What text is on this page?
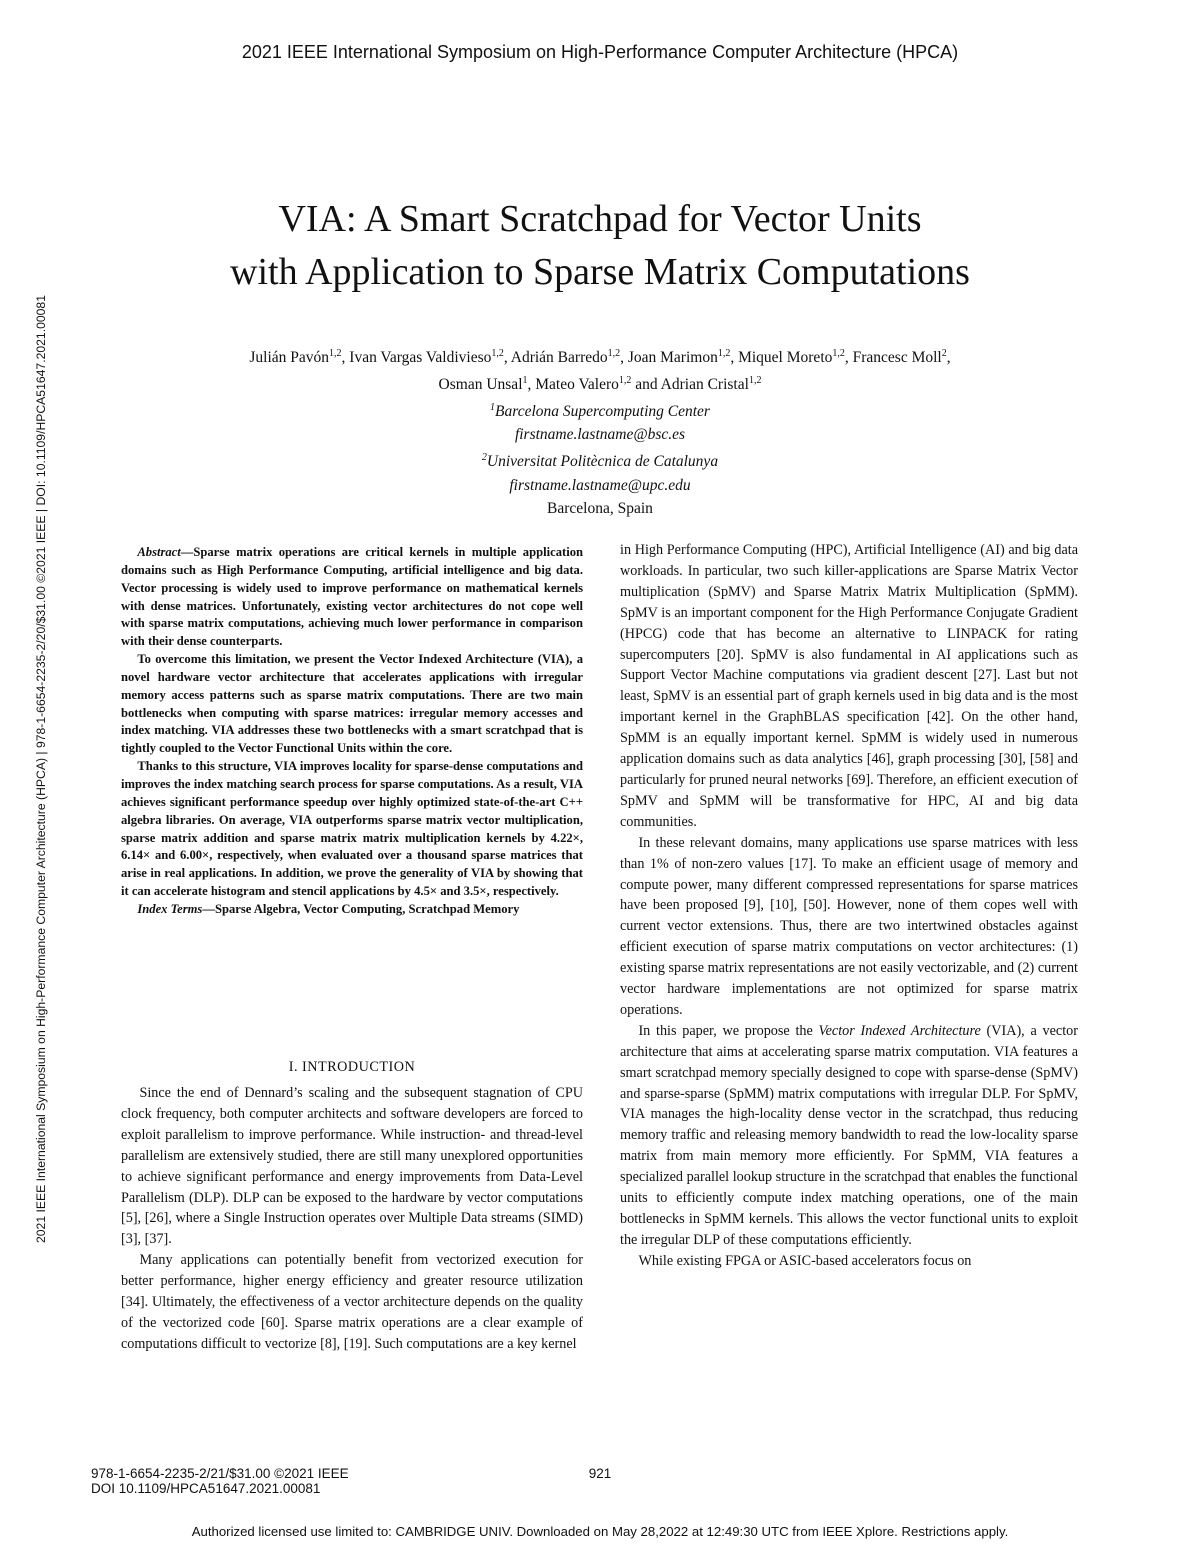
2021 IEEE International Symposium on High-Performance Computer Architecture (HPCA)
2021 IEEE International Symposium on High-Performance Computer Architecture (HPCA) | 978-1-6654-2235-2/20/$31.00 ©2021 IEEE | DOI: 10.1109/HPCA51647.2021.00081
VIA: A Smart Scratchpad for Vector Units
with Application to Sparse Matrix Computations
Julián Pavón$^{1,2}$, Ivan Vargas Valdivieso$^{1,2}$, Adrián Barredo$^{1,2}$, Joan Marimon$^{1,2}$, Miquel Moreto$^{1,2}$, Francesc Moll$^2$,
Osman Unsal$^1$, Mateo Valero$^{1,2}$ and Adrian Cristal$^{1,2}$
$^1$Barcelona Supercomputing Center
firstname.lastname@bsc.es
$^2$Universitat Politècnica de Catalunya
firstname.lastname@upc.edu
Barcelona, Spain

Abstract—Sparse matrix operations are critical kernels in multiple application domains such as High Performance Computing, artificial intelligence and big data. Vector processing is widely used to improve performance on mathematical kernels with dense matrices. Unfortunately, existing vector architectures do not cope well with sparse matrix computations, achieving much lower performance in comparison with their dense counterparts.

To overcome this limitation, we present the Vector Indexed Architecture (VIA), a novel hardware vector architecture that accelerates applications with irregular memory access patterns such as sparse matrix computations. There are two main bottlenecks when computing with sparse matrices: irregular memory accesses and index matching. VIA addresses these two bottlenecks with a smart scratchpad that is tightly coupled to the Vector Functional Units within the core.

Thanks to this structure, VIA improves locality for sparse-dense computations and improves the index matching search process for sparse computations. As a result, VIA achieves significant performance speedup over highly optimized state-of-the-art C++ algebra libraries. On average, VIA outperforms sparse matrix vector multiplication, sparse matrix addition and sparse matrix matrix multiplication kernels by 4.22×, 6.14× and 6.00×, respectively, when evaluated over a thousand sparse matrices that arise in real applications. In addition, we prove the generality of VIA by showing that it can accelerate histogram and stencil applications by 4.5× and 3.5×, respectively.

Index Terms—Sparse Algebra, Vector Computing, Scratchpad Memory

I. INTRODUCTION

Since the end of Dennard’s scaling and the subsequent stagnation of CPU clock frequency, both computer architects and software developers are forced to exploit parallelism to improve performance. While instruction- and thread-level parallelism are extensively studied, there are still many unexplored opportunities to achieve significant performance and energy improvements from Data-Level Parallelism (DLP). DLP can be exposed to the hardware by vector computations [5], [26], where a Single Instruction operates over Multiple Data streams (SIMD) [3], [37].

Many applications can potentially benefit from vectorized execution for better performance, higher energy efficiency and greater resource utilization [34]. Ultimately, the effectiveness of a vector architecture depends on the quality of the vectorized code [60]. Sparse matrix operations are a clear example of computations difficult to vectorize [8], [19]. Such computations are a key kernel

in High Performance Computing (HPC), Artificial Intelligence (AI) and big data workloads. In particular, two such killer-applications are Sparse Matrix Vector multiplication (SpMV) and Sparse Matrix Matrix Multiplication (SpMM). SpMV is an important component for the High Performance Conjugate Gradient (HPCG) code that has become an alternative to LINPACK for rating supercomputers [20]. SpMV is also fundamental in AI applications such as Support Vector Machine computations via gradient descent [27]. Last but not least, SpMV is an essential part of graph kernels used in big data and is the most important kernel in the GraphBLAS specification [42]. On the other hand, SpMM is an equally important kernel. SpMM is widely used in numerous application domains such as data analytics [46], graph processing [30], [58] and particularly for pruned neural networks [69]. Therefore, an efficient execution of SpMV and SpMM will be transformative for HPC, AI and big data communities.

In these relevant domains, many applications use sparse matrices with less than 1% of non-zero values [17]. To make an efficient usage of memory and compute power, many different compressed representations for sparse matrices have been proposed [9], [10], [50]. However, none of them copes well with current vector extensions. Thus, there are two intertwined obstacles against efficient execution of sparse matrix computations on vector architectures: (1) existing sparse matrix representations are not easily vectorizable, and (2) current vector hardware implementations are not optimized for sparse matrix operations.

In this paper, we propose the Vector Indexed Architecture (VIA), a vector architecture that aims at accelerating sparse matrix computation. VIA features a smart scratchpad memory specially designed to cope with sparse-dense (SpMV) and sparse-sparse (SpMM) matrix computations with irregular DLP. For SpMV, VIA manages the high-locality dense vector in the scratchpad, thus reducing memory traffic and releasing memory bandwidth to read the low-locality sparse matrix from main memory more efficiently. For SpMM, VIA features a specialized parallel lookup structure in the scratchpad that enables the functional units to efficiently compute index matching operations, one of the main bottlenecks in SpMM kernels. This allows the vector functional units to exploit the irregular DLP of these computations efficiently.

While existing FPGA or ASIC-based accelerators focus on

978-1-6654-2235-2/21/$31.00 ©2021 IEEE
DOI 10.1109/HPCA51647.2021.00081
921
Authorized licensed use limited to: CAMBRIDGE UNIV. Downloaded on May 28,2022 at 12:49:30 UTC from IEEE Xplore. Restrictions apply.
